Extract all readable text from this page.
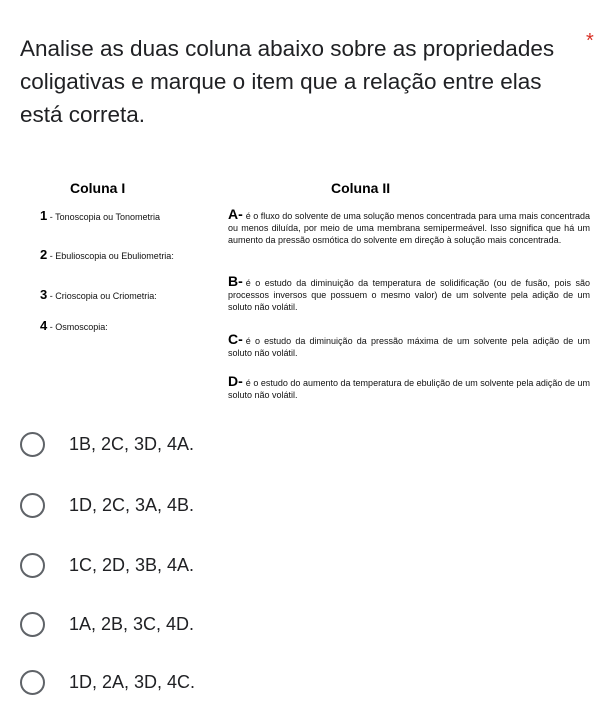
Analise as duas coluna abaixo sobre as propriedades coligativas e marque o item que a relação entre elas está correta.
*
Coluna I	Coluna II
1 - Tonoscopia ou Tonometria
2 - Ebulioscopia ou Ebuliometria:
3 - Crioscopia ou Criometria:
4 - Osmoscopia:
A- é o fluxo do solvente de uma solução menos concentrada para uma mais concentrada ou menos diluída, por meio de uma membrana semipermeável. Isso significa que há um aumento da pressão osmótica do solvente em direção à solução mais concentrada.
B- é o estudo da diminuição da temperatura de solidificação (ou de fusão, pois são processos inversos que possuem o mesmo valor) de um solvente pela adição de um soluto não volátil.
C- é o estudo da diminuição da pressão máxima de um solvente pela adição de um soluto não volátil.
D- é o estudo do aumento da temperatura de ebulição de um solvente pela adição de um soluto não volátil.
1B, 2C, 3D, 4A.
1D, 2C, 3A, 4B.
1C, 2D, 3B, 4A.
1A, 2B, 3C, 4D.
1D, 2A, 3D, 4C.
